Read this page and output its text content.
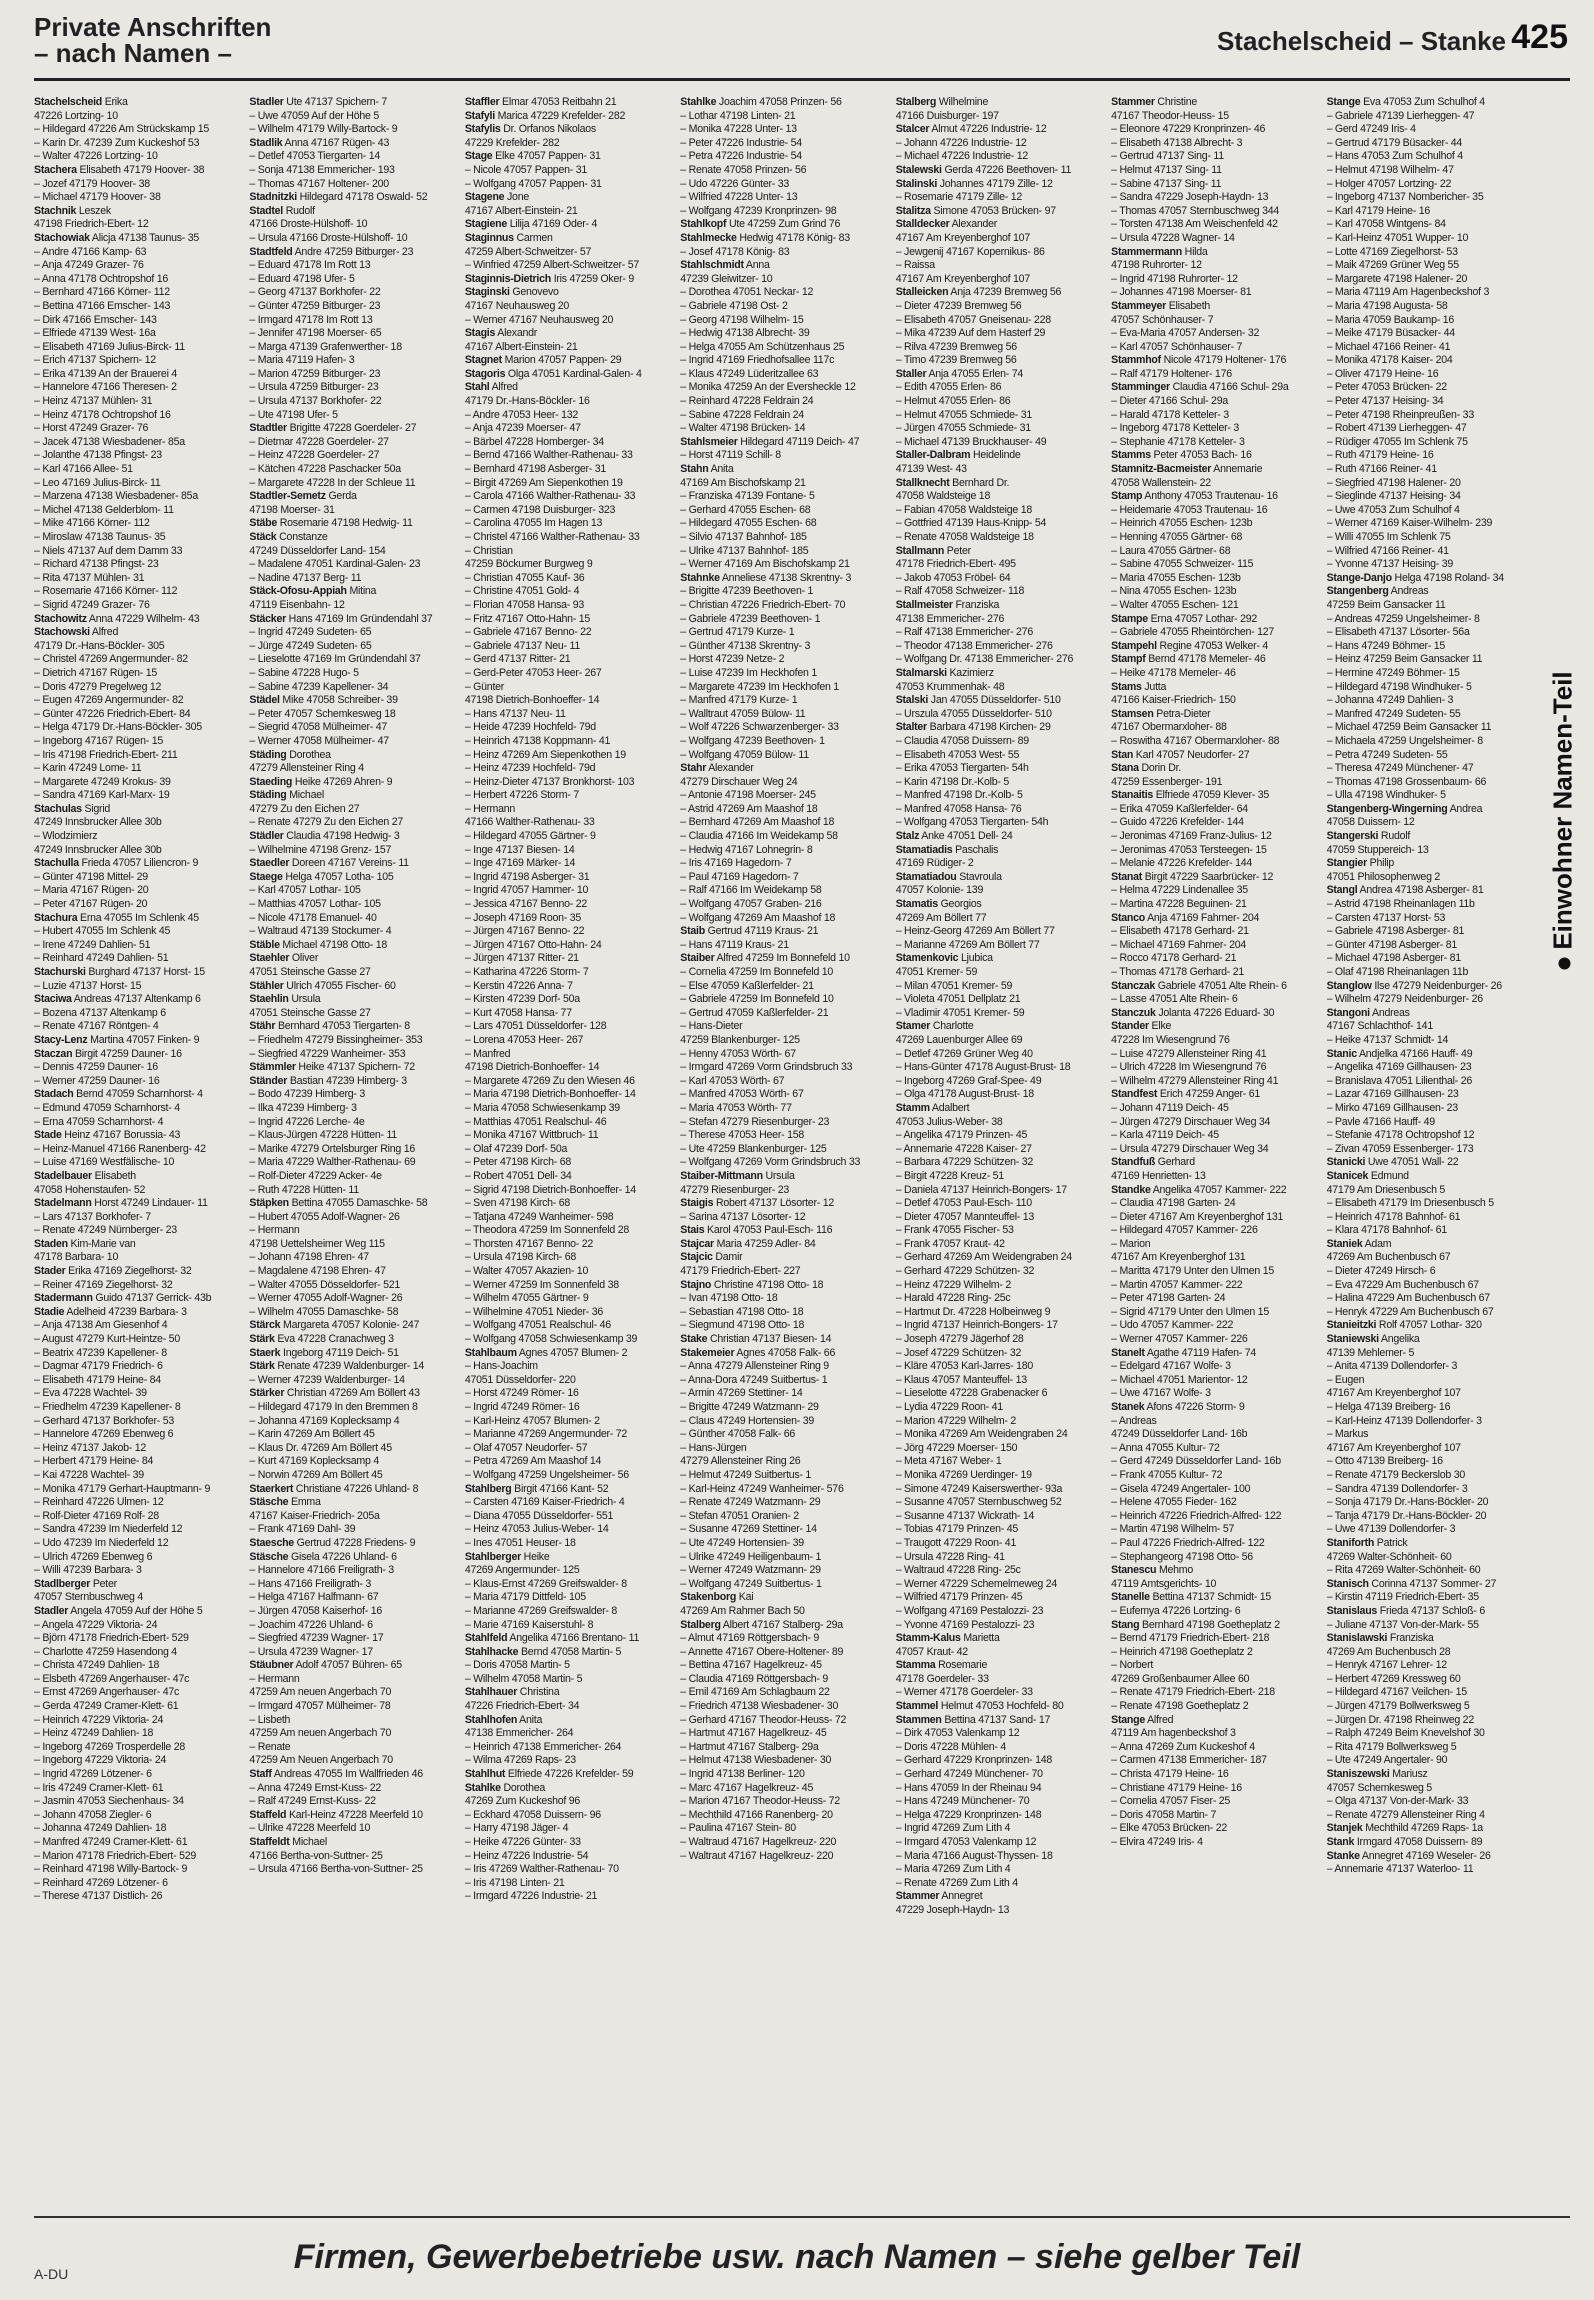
Private Anschriften
– nach Namen –	Stachelscheid – Stanke 425
Stachelscheid Erika
47226 Lortzing- 10
– Hildegard 47226 Am Strückskamp 15
– Karin Dr. 47239 Zum Kuckeshof 53
– Walter 47226 Lortzing- 10
Stachera Elisabeth 47179 Hoover- 38
– Jozef 47179 Hoover- 38
– Michael 47179 Hoover- 38
Stachnik Leszek
47198 Friedrich-Ebert- 12
Stachowiak Alicja 47138 Taunus- 35
– Andre 47166 Kamp- 63
– Anja 47249 Grazer- 76
– Anna 47178 Ochtropshof 16
– Bernhard 47166 Körner- 112
– Bettina 47166 Emscher- 143
– Dirk 47166 Emscher- 143
– Elfriede 47139 West- 16a
– Elisabeth 47169 Julius-Birck- 11
– Erich 47137 Spichern- 12
– Erika 47139 An der Brauerei 4
– Hannelore 47166 Theresen- 2
– Heinz 47137 Mühlen- 31
– Heinz 47178 Ochtropshof 16
– Horst 47249 Grazer- 76
– Jacek 47138 Wiesbadener- 85a
– Jolanthe 47138 Pfingst- 23
– Karl 47166 Allee- 51
– Leo 47169 Julius-Birck- 11
– Marzena 47138 Wiesbadener- 85a
– Michel 47138 Gelderblom- 11
– Mike 47166 Körner- 112
– Miroslaw 47138 Taunus- 35
– Niels 47137 Auf dem Damm 33
– Richard 47138 Pfingst- 23
– Rita 47137 Mühlen- 31
– Rosemarie 47166 Körner- 112
– Sigrid 47249 Grazer- 76
Stachowitz Anna 47229 Wilhelm- 43
Stachowski Alfred
47179 Dr.-Hans-Böckler- 305
– Christel 47269 Angermunder- 82
– Dietrich 47167 Rügen- 15
– Doris 47279 Pregelweg 12
– Eugen 47269 Angermunder- 82
– Günter 47226 Friedrich-Ebert- 84
– Helga 47179 Dr.-Hans-Böckler- 305
– Ingeborg 47167 Rügen- 15
– Iris 47198 Friedrich-Ebert- 211
– Karin 47249 Lome- 11
– Margarete 47249 Krokus- 39
– Sandra 47169 Karl-Marx- 19
Stachulas Sigrid
47249 Innsbrucker Allee 30b
– Wlodzimierz
47249 Innsbrucker Allee 30b
Stachulla Frieda 47057 Liliencron- 9
– Günter 47198 Mittel- 29
– Maria 47167 Rügen- 20
– Peter 47167 Rügen- 20
Stachura Erna 47055 Im Schlenk 45
– Hubert 47055 Im Schlenk 45
– Irene 47249 Dahlien- 51
– Reinhard 47249 Dahlien- 51
Stachurski Burghard 47137 Horst- 15
– Luzie 47137 Horst- 15
Staciwa Andreas 47137 Altenkamp 6
– Bozena 47137 Altenkamp 6
– Renate 47167 Röntgen- 4
Stacy-Lenz Martina 47057 Finken- 9
Staczan Birgit 47259 Dauner- 16
– Dennis 47259 Dauner- 16
– Werner 47259 Dauner- 16
Stadach Bernd 47059 Scharnhorst- 4
– Edmund 47059 Scharnhorst- 4
– Erna 47059 Scharnhorst- 4
Stade Heinz 47167 Borussia- 43
– Heinz-Manuel 47166 Ranenberg- 42
– Luise 47169 Westfälische- 10
Stadelbauer Elisabeth
47058 Hohenstaufen- 52
Stadelmann Horst 47249 Lindauer- 11
– Lars 47137 Borkhofer- 7
– Renate 47249 Nürnberger- 23
Staden Kim-Marie van
47178 Barbara- 10
Stader Erika 47169 Ziegelhorst- 32
– Reiner 47169 Ziegelhorst- 32
Stadermann Guido 47137 Gerrick- 43b
Stadie Adelheid 47239 Barbara- 3
– Anja 47138 Am Giesenhof 4
– August 47279 Kurt-Heintze- 50
– Beatrix 47239 Kapellener- 8
– Dagmar 47179 Friedrich- 6
– Elisabeth 47179 Heine- 84
– Eva 47228 Wachtel- 39
– Friedhelm 47239 Kapellener- 8
– Gerhard 47137 Borkhofer- 53
– Hannelore 47269 Ebenweg 6
– Heinz 47137 Jakob- 12
– Herbert 47179 Heine- 84
– Kai 47228 Wachtel- 39
– Monika 47179 Gerhart-Hauptmann- 9
– Reinhard 47226 Ulmen- 12
– Rolf-Dieter 47169 Rolf- 28
– Sandra 47239 Im Niederfeld 12
– Udo 47239 Im Niederfeld 12
– Ulrich 47269 Ebenweg 6
– Willi 47239 Barbara- 3
Stadlberger Peter
47057 Sternbuschweg 4
Stadler Angela 47059 Auf der Höhe 5
– Angela 47229 Viktoria- 24
– Björn 47178 Friedrich-Ebert- 529
– Charlotte 47259 Hasendong 4
– Christa 47249 Dahlien- 18
– Elsbeth 47269 Angerhauser- 47c
– Ernst 47269 Angerhauser- 47c
– Gerda 47249 Cramer-Klett- 61
– Heinrich 47229 Viktoria- 24
– Heinz 47249 Dahlien- 18
– Ingeborg 47269 Trosperdelle 28
– Ingeborg 47229 Viktoria- 24
– Ingrid 47269 Lötzener- 6
– Iris 47249 Cramer-Klett- 61
– Jasmin 47053 Siechenhaus- 34
– Johann 47058 Ziegler- 6
– Johanna 47249 Dahlien- 18
– Manfred 47249 Cramer-Klett- 61
– Marion 47178 Friedrich-Ebert- 529
– Reinhard 47198 Willy-Bartock- 9
– Reinhard 47269 Lötzener- 6
– Therese 47137 Distlich- 26
Stadler Ute 47137 Spichern- 7
– Uwe 47059 Auf der Höhe 5
– Wilhelm 47179 Willy-Bartock- 9
Stadlik Anna 47167 Rügen- 43
– Detlef 47053 Tiergarten- 14
– Sonja 47138 Emmericher- 193
– Thomas 47167 Holtener- 200
Stadnitzki Hildegard 47178 Oswald- 52
Stadtel Rudolf
47166 Droste-Hülshoff- 10
– Ursula 47166 Droste-Hülshoff- 10
Stadtfeld Andre 47259 Bitburger- 23
– Eduard 47178 Im Rott 13
– Eduard 47198 Ufer- 5
– Georg 47137 Borkhofer- 22
– Günter 47259 Bitburger- 23
– Irmgard 47178 Im Rott 13
– Jennifer 47198 Moerser- 65
– Marga 47139 Grafenwerther- 18
– Maria 47119 Hafen- 3
– Marion 47259 Bitburger- 23
– Ursula 47259 Bitburger- 23
– Ursula 47137 Borkhofer- 22
– Ute 47198 Ufer- 5
Stadtler Brigitte 47228 Goerdeler- 27
– Dietmar 47228 Goerdeler- 27
– Heinz 47228 Goerdeler- 27
– Kätchen 47228 Paschacker 50a
– Margarete 47228 In der Schleue 11
Stadtler-Semetz Gerda
47198 Moerser- 31
Stäbe Rosemarie 47198 Hedwig- 11
Stäck Constanze
47249 Düsseldorfer Land- 154
– Madalene 47051 Kardinal-Galen- 23
– Nadine 47137 Berg- 11
Stäck-Ofosu-Appiah Mitina
47119 Eisenbahn- 12
Stäcker Hans 47169 Im Gründendahl 37
– Ingrid 47249 Sudeten- 65
– Jürge 47249 Sudeten- 65
– Lieselotte 47169 Im Gründendahl 37
– Sabine 47228 Hugo- 5
– Sabine 47239 Kapellener- 34
Städel Mike 47058 Schreiber- 39
– Peter 47057 Schemkesweg 18
– Siegrid 47058 Mülheimer- 47
– Werner 47058 Mülheimer- 47
Städing Dorothea
47279 Allensteiner Ring 4
Staeding Heike 47269 Ahren- 9
Städing Michael
47279 Zu den Eichen 27
– Renate 47279 Zu den Eichen 27
Städler Claudia 47198 Hedwig- 3
– Wilhelmine 47198 Grenz- 157
Staedler Doreen 47167 Vereins- 11
Staege Helga 47057 Lotha- 105
– Karl 47057 Lothar- 105
– Matthias 47057 Lothar- 105
– Nicole 47178 Emanuel- 40
– Waltraud 47139 Stockumer- 4
Stäble Michael 47198 Otto- 18
Staehler Oliver
47051 Steinsche Gasse 27
Stähler Ulrich 47055 Fischer- 60
Staehlin Ursula
47051 Steinsche Gasse 27
Stähr Bernhard 47053 Tiergarten- 8
– Friedhelm 47279 Bissingheimer- 353
– Siegfried 47229 Wanheimer- 353
Stämmler Heike 47137 Spichern- 72
Ständer Bastian 47239 Himberg- 3
– Bodo 47239 Himberg- 3
– Ilka 47239 Himberg- 3
– Ingrid 47226 Lerche- 4e
– Klaus-Jürgen 47228 Hütten- 11
– Marike 47279 Ortelsburger Ring 16
– Maria 47229 Walther-Rathenau- 69
– Rolf-Dieter 47229 Acker- 4e
– Ruth 47228 Hütten- 11
Stäpken Bettina 47055 Damaschke- 58
– Hubert 47055 Adolf-Wagner- 26
– Hermann
47198 Uettelsheimer Weg 115
– Johann 47198 Ehren- 47
– Magdalene 47198 Ehren- 47
– Walter 47055 Dösseldorfer- 521
– Werner 47055 Adolf-Wagner- 26
– Wilhelm 47055 Damaschke- 58
Stärck Margareta 47057 Kolonie- 247
Stärk Eva 47228 Cranachweg 3
Staerk Ingeborg 47119 Deich- 51
Stärk Renate 47239 Waldenburger- 14
– Werner 47239 Waldenburger- 14
Stärker Christian 47269 Am Böllert 43
– Hildegard 47179 In den Bremmen 8
– Johanna 47169 Koplecksamp 4
– Karin 47269 Am Böllert 45
– Klaus Dr. 47269 Am Böllert 45
– Kurt 47169 Koplecksamp 4
– Norwin 47269 Am Böllert 45
Staerkert Christiane 47226 Uhland- 8
Stäsche Emma
47167 Kaiser-Friedrich- 205a
– Frank 47169 Dahl- 39
Staesche Gertrud 47228 Friedens- 9
Stäsche Gisela 47226 Uhland- 6
– Hannelore 47166 Freiligrath- 3
– Hans 47166 Freiligrath- 3
– Helga 47167 Halfmann- 67
– Jürgen 47058 Kaiserhof- 16
– Joachim 47226 Uhland- 6
– Siegfried 47239 Wagner- 17
– Ursula 47239 Wagner- 17
Stäubner Adolf 47057 Bühren- 65
– Hermann
47259 Am neuen Angerbach 70
– Irmgard 47057 Mülheimer- 78
– Lisbeth
47259 Am neuen Angerbach 70
– Renate
47259 Am Neuen Angerbach 70
Staff Andreas 47055 Im Wallfrieden 46
– Anna 47249 Ernst-Kuss- 22
– Ralf 47249 Ernst-Kuss- 22
Staffeld Karl-Heinz 47228 Meerfeld 10
– Ulrike 47228 Meerfeld 10
Staffeldt Michael
47166 Bertha-von-Suttner- 25
– Ursula 47166 Bertha-von-Suttner- 25
Staffler Elmar 47053 Reitbahn 21
Stafyli Marica 47229 Krefelder- 282
Stafylis Dr. Orfanos Nikolaos
47229 Krefelder- 282
Stage Elke 47057 Pappen- 31
– Nicole 47057 Pappen- 31
– Wolfgang 47057 Pappen- 31
Stagene Jone
47167 Albert-Einstein- 21
Stagiene Lilija 47169 Oder- 4
Staginnus Carmen
47259 Albert-Schweitzer- 57
– Winfried 47259 Albert-Schweitzer- 57
Staginnis-Dietrich Iris 47259 Oker- 9
Staginski Genovevo
47167 Neuhausweg 20
– Werner 47167 Neuhausweg 20
Stagis Alexandr
47167 Albert-Einstein- 21
Stagnet Marion 47057 Pappen- 29
Stagoris Olga 47051 Kardinal-Galen- 4
Stahl Alfred
47179 Dr.-Hans-Böckler- 16
– Andre 47053 Heer- 132
– Anja 47239 Moerser- 47
– Bärbel 47228 Homberger- 34
– Bernd 47166 Walther-Rathenau- 33
– Bernhard 47198 Asberger- 31
– Birgit 47269 Am Siepenkothen 19
– Carola 47166 Walther-Rathenau- 33
– Carmen 47198 Duisburger- 323
– Carolina 47055 Im Hagen 13
– Christel 47166 Walther-Rathenau- 33
– Christian
47259 Böckumer Burgweg 9
– Christian 47055 Kauf- 36
– Christine 47051 Gold- 4
– Florian 47058 Hansa- 93
– Fritz 47167 Otto-Hahn- 15
– Gabriele 47167 Benno- 22
– Gabriele 47137 Neu- 11
– Gerd 47137 Ritter- 21
– Gerd-Peter 47053 Heer- 267
– Günter
47198 Dietrich-Bonhoeffer- 14
– Hans 47137 Neu- 11
– Heide 47239 Hochfeld- 79d
– Heinrich 47138 Koppmann- 41
– Heinz 47269 Am Siepenkothen 19
– Heinz 47239 Hochfeld- 79d
– Heinz-Dieter 47137 Bronkhorst- 103
– Herbert 47226 Storm- 7
– Hermann
47166 Walther-Rathenau- 33
– Hildegard 47055 Gärtner- 9
– Inge 47137 Biesen- 14
– Inge 47169 Märker- 14
– Ingrid 47198 Asberger- 31
– Ingrid 47057 Hammer- 10
– Jessica 47167 Benno- 22
– Joseph 47169 Roon- 35
– Jürgen 47167 Benno- 22
– Jürgen 47167 Otto-Hahn- 24
– Jürgen 47137 Ritter- 21
– Katharina 47226 Storm- 7
– Kerstin 47226 Anna- 7
– Kirsten 47239 Dorf- 50a
– Kurt 47058 Hansa- 77
– Lars 47051 Düsseldorfer- 128
– Lorena 47053 Heer- 267
– Manfred
47198 Dietrich-Bonhoeffer- 14
– Margarete 47269 Zu den Wiesen 46
– Maria 47198 Dietrich-Bonhoeffer- 14
– Maria 47058 Schwiesenkamp 39
– Matthias 47051 Realschul- 46
– Monika 47167 Wittbruch- 11
– Olaf 47239 Dorf- 50a
– Peter 47198 Kirch- 68
– Robert 47051 Dell- 34
– Sigrid 47198 Dietrich-Bonhoeffer- 14
– Sven 47198 Kirch- 68
– Tatjana 47249 Wanheimer- 598
– Theodora 47259 Im Sonnenfeld 28
– Thorsten 47167 Benno- 22
– Ursula 47198 Kirch- 68
– Walter 47057 Akazien- 10
– Werner 47259 Im Sonnenfeld 38
– Wilhelm 47055 Gärtner- 9
– Wilhelmine 47051 Nieder- 36
– Wolfgang 47051 Realschul- 46
– Wolfgang 47058 Schwiesenkamp 39
Stahlbaum Agnes 47057 Blumen- 2
– Hans-Joachim
47051 Düsseldorfer- 220
– Horst 47249 Römer- 16
– Ingrid 47249 Römer- 16
– Karl-Heinz 47057 Blumen- 2
– Marianne 47269 Angermunder- 72
– Olaf 47057 Neudorfer- 57
– Petra 47269 Am Maashof 14
– Wolfgang 47259 Ungelsheimer- 56
Stahlberg Birgit 47166 Kant- 52
– Carsten 47169 Kaiser-Friedrich- 4
– Diana 47055 Düsseldorfer- 551
– Heinz 47053 Julius-Weber- 14
– Ines 47051 Heuser- 18
Stahlberger Heike
47269 Angermunder- 125
– Klaus-Ernst 47269 Greifswalder- 8
– Maria 47179 Dittfeld- 105
– Marianne 47269 Greifswalder- 8
– Marie 47169 Kaiserstuhl- 8
Stahlfeld Angelika 47166 Brentano- 11
Stahlhacke Bernd 47058 Martin- 5
– Doris 47058 Martin- 5
– Wilhelm 47058 Martin- 5
Stahlhauer Christina
47226 Friedrich-Ebert- 34
Stahlhofen Anita
47138 Emmericher- 264
– Heinrich 47138 Emmericher- 264
– Wilma 47269 Raps- 23
Stahlhut Elfriede 47226 Krefelder- 59
Stahlke Dorothea
47269 Zum Kuckeshof 96
– Eckhard 47058 Duissern- 96
– Harry 47198 Jäger- 4
– Heike 47226 Günter- 33
– Heinz 47226 Industrie- 54
– Iris 47269 Walther-Rathenau- 70
– Iris 47198 Linten- 21
– Irmgard 47226 Industrie- 21
Stahlke Joachim 47058 Prinzen- 56
– Lothar 47198 Linten- 21
– Monika 47228 Unter- 13
– Peter 47226 Industrie- 54
– Petra 47226 Industrie- 54
– Renate 47058 Prinzen- 56
– Udo 47226 Günter- 33
– Wilfried 47228 Unter- 13
– Wolfgang 47239 Kronprinzen- 98
Stahlkopf Ute 47259 Zum Grind 76
Stahlmecke Hedwig 47178 König- 83
– Josef 47178 König- 83
Stahlschmidt Anna
47239 Gleiwitzer- 10
– Dorothea 47051 Neckar- 12
– Gabriele 47198 Ost- 2
– Georg 47198 Wilhelm- 15
– Hedwig 47138 Albrecht- 39
– Helga 47055 Am Schützenhaus 25
– Ingrid 47169 Friedhofsallee 117c
– Klaus 47249 Lüderitzallee 63
– Monika 47259 An der Eversheckle 12
– Reinhard 47228 Feldrain 24
– Sabine 47228 Feldrain 24
– Walter 47198 Brücken- 14
Stahlsmeier Hildegard 47119 Deich- 47
– Horst 47119 Schill- 8
Stahn Anita
47169 Am Bischofskamp 21
– Franziska 47139 Fontane- 5
– Gerhard 47055 Eschen- 68
– Hildegard 47055 Eschen- 68
– Silvio 47137 Bahnhof- 185
– Ulrike 47137 Bahnhof- 185
– Werner 47169 Am Bischofskamp 21
Stahnke Anneliese 47138 Skrentny- 3
– Brigitte 47239 Beethoven- 1
– Christian 47226 Friedrich-Ebert- 70
– Gabriele 47239 Beethoven- 1
– Gertrud 47179 Kurze- 1
– Günther 47138 Skrentny- 3
– Horst 47239 Netze- 2
– Luise 47239 Im Heckhofen 1
– Margarete 47239 Im Heckhofen 1
– Manfred 47179 Kurze- 1
– Walltraut 47059 Bülow- 11
– Wolf 47226 Schwarzenberger- 33
– Wolfgang 47239 Beethoven- 1
– Wolfgang 47059 Bülow- 11
Stahr Alexander
47279 Dirschauer Weg 24
– Antonie 47198 Moerser- 245
– Astrid 47269 Am Maashof 18
– Bernhard 47269 Am Maashof 18
– Claudia 47166 Im Weidekamp 58
– Hedwig 47167 Lohnegrin- 8
– Iris 47169 Hagedorn- 7
– Paul 47169 Hagedorn- 7
– Ralf 47166 Im Weidekamp 58
– Wolfgang 47057 Graben- 216
– Wolfgang 47269 Am Maashof 18
Staib Gertrud 47119 Kraus- 21
– Hans 47119 Kraus- 21
Staiber Alfred 47259 Im Bonnefeld 10
– Cornelia 47259 Im Bonnefeld 10
– Else 47059 Kaßlerfelder- 21
– Gabriele 47259 Im Bonnefeld 10
– Gertrud 47059 Kaßlerfelder- 21
– Hans-Dieter
47259 Blankenburger- 125
– Henny 47053 Wörth- 67
– Irmgard 47269 Vorm Grindsbruch 33
– Karl 47053 Wörth- 67
– Manfred 47053 Wörth- 67
– Maria 47053 Wörth- 77
– Stefan 47279 Riesenburger- 23
– Therese 47053 Heer- 158
– Ute 47259 Blankenburger- 125
– Wolfgang 47269 Vorm Grindsbruch 33
Staiber-Mittmann Ursula
47279 Riesenburger- 23
Staigis Robert 47137 Lösorter- 12
– Sarina 47137 Lösorter- 12
Stais Karol 47053 Paul-Esch- 116
Stajcar Maria 47259 Adler- 84
Stajcic Damir
47179 Friedrich-Ebert- 227
Stajno Christine 47198 Otto- 18
– Ivan 47198 Otto- 18
– Sebastian 47198 Otto- 18
– Siegmund 47198 Otto- 18
Stake Christian 47137 Biesen- 14
Stakemeier Agnes 47058 Falk- 66
– Anna 47279 Allensteiner Ring 9
– Anna-Dora 47249 Suitbertus- 1
– Armin 47269 Stettiner- 14
– Brigitte 47249 Watzmann- 29
– Claus 47249 Hortensien- 39
– Günther 47058 Falk- 66
– Hans-Jürgen
47279 Allensteiner Ring 26
– Helmut 47249 Suitbertus- 1
– Karl-Heinz 47249 Wanheimer- 576
– Renate 47249 Watzmann- 29
– Stefan 47051 Oranien- 2
– Susanne 47269 Stettiner- 14
– Ute 47249 Hortensien- 39
– Ulrike 47249 Heiligenbaum- 1
– Werner 47249 Watzmann- 29
– Wolfgang 47249 Suitbertus- 1
Stakenborg Kai
47269 Am Rahmer Bach 50
Stalberg Albert 47167 Stalberg- 29a
– Almut 47169 Röttgersbach- 9
– Annette 47167 Obere-Holtener- 89
– Bettina 47167 Hagelkreuz- 45
– Claudia 47169 Röttgersbach- 9
– Emil 47169 Am Schlagbaum 22
– Friedrich 47138 Wiesbadener- 30
– Gerhard 47167 Theodor-Heuss- 72
– Hartmut 47167 Hagelkreuz- 45
– Hartmut 47167 Stalberg- 29a
– Helmut 47138 Wiesbadener- 30
– Ingrid 47138 Berliner- 120
– Marc 47167 Hagelkreuz- 45
– Marion 47167 Theodor-Heuss- 72
– Mechthild 47166 Ranenberg- 20
– Paulina 47167 Stein- 80
– Waltraud 47167 Hagelkreuz- 220
– Waltraut 47167 Hagelkreuz- 220
Stalberg Wilhelmine
47166 Duisburger- 197
Stalcer Almut 47226 Industrie- 12
– Johann 47226 Industrie- 12
– Michael 47226 Industrie- 12
Stalewski Gerda 47226 Beethoven- 11
Stalinski Johannes 47179 Zille- 12
– Rosemarie 47179 Zille- 12
Stalitza Simone 47053 Brücken- 97
Stalldecker Alexander
47167 Am Kreyenberghof 107
– Jewgenij 47167 Kopernikus- 86
– Raissa
47167 Am Kreyenberghof 107
Stalleicken Anja 47239 Bremweg 56
– Dieter 47239 Bremweg 56
– Elisabeth 47057 Gneisenau- 228
– Mika 47239 Auf dem Hasterf 29
– Rilva 47239 Bremweg 56
– Timo 47239 Bremweg 56
Staller Anja 47055 Erlen- 74
– Edith 47055 Erlen- 86
– Helmut 47055 Erlen- 86
– Helmut 47055 Schmiede- 31
– Jürgen 47055 Schmiede- 31
– Michael 47139 Bruckhauser- 49
Staller-Dalbram Heidelinde
47139 West- 43
Stallknecht Bernhard Dr.
47058 Waldsteige 18
– Fabian 47058 Waldsteige 18
– Gottfried 47139 Haus-Knipp- 54
– Renate 47058 Waldsteige 18
Stallmann Peter
47178 Friedrich-Ebert- 495
– Jakob 47053 Fröbel- 64
– Ralf 47058 Schweizer- 118
Stallmeister Franziska
47138 Emmericher- 276
– Ralf 47138 Emmericher- 276
– Theodor 47138 Emmericher- 276
– Wolfgang Dr. 47138 Emmericher- 276
Stalmarski Kazimierz
47053 Krummenhak- 48
Stalski Jan 47055 Düsseldorfer- 510
– Urszula 47055 Düsseldorfer- 510
Stalter Barbara 47198 Kirchen- 29
– Claudia 47058 Duissern- 89
– Elisabeth 47053 West- 55
– Erika 47053 Tiergarten- 54h
– Karin 47198 Dr.-Kolb- 5
– Manfred 47198 Dr.-Kolb- 5
– Manfred 47058 Hansa- 76
– Wolfgang 47053 Tiergarten- 54h
Stalz Anke 47051 Dell- 24
Stamatiadis Paschalis
47169 Rüdiger- 2
Stamatiadou Stavroula
47057 Kolonie- 139
Stamatis Georgios
47269 Am Böllert 77
– Heinz-Georg 47269 Am Böllert 77
– Marianne 47269 Am Böllert 77
Stamenkovic Ljubica
47051 Kremer- 59
– Milan 47051 Kremer- 59
– Violeta 47051 Dellplatz 21
– Vladimir 47051 Kremer- 59
Stamer Charlotte
47269 Lauenburger Allee 69
– Detlef 47269 Grüner Weg 40
– Hans-Günter 47178 August-Brust- 18
– Ingeborg 47269 Graf-Spee- 49
– Olga 47178 August-Brust- 18
Stamm Adalbert
47053 Julius-Weber- 38
– Angelika 47179 Prinzen- 45
– Annemarie 47228 Kaiser- 27
– Barbara 47229 Schützen- 32
– Birgit 47228 Kreuz- 51
– Daniela 47137 Heinrich-Bongers- 17
– Detlef 47053 Paul-Esch- 110
– Dieter 47057 Mannteuffel- 13
– Frank 47055 Fischer- 53
– Frank 47057 Kraut- 42
– Gerhard 47269 Am Weidengraben 24
– Gerhard 47229 Schützen- 32
– Heinz 47229 Wilhelm- 2
– Harald 47228 Ring- 25c
– Hartmut Dr. 47228 Holbeinweg 9
– Ingrid 47137 Heinrich-Bongers- 17
– Joseph 47279 Jägerhof 28
– Josef 47229 Schützen- 32
– Kläre 47053 Karl-Jarres- 180
– Klaus 47057 Manteuffel- 13
– Lieselotte 47228 Grabenacker 6
– Lydia 47229 Roon- 41
– Marion 47229 Wilhelm- 2
– Monika 47269 Am Weidengraben 24
– Jörg 47229 Moerser- 150
– Meta 47167 Weber- 1
– Monika 47269 Uerdinger- 19
– Simone 47249 Kaiserswerther- 93a
– Susanne 47057 Sternbuschweg 52
– Susanne 47137 Wickrath- 14
– Tobias 47179 Prinzen- 45
– Traugott 47229 Roon- 41
– Ursula 47228 Ring- 41
– Waltraud 47228 Ring- 25c
– Werner 47229 Schemelmeweg 24
– Wilfried 47179 Prinzen- 45
– Wolfgang 47169 Pestalozzi- 23
– Yvonne 47169 Pestalozzi- 23
Stamm-Kalus Marietta
47057 Kraut- 42
Stamma Rosemarie
47178 Goerdeler- 33
– Werner 47178 Goerdeler- 33
Stammel Helmut 47053 Hochfeld- 80
Stammen Bettina 47137 Sand- 17
– Dirk 47053 Valenkamp 12
– Doris 47228 Mühlen- 4
– Gerhard 47229 Kronprinzen- 148
– Gerhard 47249 Münchener- 70
– Hans 47059 In der Rheinau 94
– Hans 47249 Münchener- 70
– Helga 47229 Kronprinzen- 148
– Ingrid 47269 Zum Lith 4
– Irmgard 47053 Valenkamp 12
– Maria 47166 August-Thyssen- 18
– Maria 47269 Zum Lith 4
– Renate 47269 Zum Lith 4
Stammer Annegret
47229 Joseph-Haydn- 13
Stammer Christine
47167 Theodor-Heuss- 15
– Eleonore 47229 Kronprinzen- 46
– Elisabeth 47138 Albrecht- 3
– Gertrud 47137 Sing- 11
– Helmut 47137 Sing- 11
– Sabine 47137 Sing- 11
– Sandra 47229 Joseph-Haydn- 13
– Thomas 47057 Sternbuschweg 344
– Torsten 47138 Am Weischenfeld 42
– Ursula 47228 Wagner- 14
Stammermann Hilda
47198 Ruhrorter- 12
– Ingrid 47198 Ruhrorter- 12
– Johannes 47198 Moerser- 81
Stammeyer Elisabeth
47057 Schönhauser- 7
– Eva-Maria 47057 Andersen- 32
– Karl 47057 Schönhauser- 7
Stammhof Nicole 47179 Holtener- 176
– Ralf 47179 Holtener- 176
Stamminger Claudia 47166 Schul- 29a
– Dieter 47166 Schul- 29a
– Harald 47178 Ketteler- 3
– Ingeborg 47178 Ketteler- 3
– Stephanie 47178 Ketteler- 3
Stamms Peter 47053 Bach- 16
Stamnitz-Bacmeister Annemarie
47058 Wallenstein- 22
Stamp Anthony 47053 Trautenau- 16
– Heidemarie 47053 Trautenau- 16
– Heinrich 47055 Eschen- 123b
– Henning 47055 Gärtner- 68
– Laura 47055 Gärtner- 68
– Sabine 47055 Schweizer- 115
– Maria 47055 Eschen- 123b
– Nina 47055 Eschen- 123b
– Walter 47055 Eschen- 121
Stampe Erna 47057 Lothar- 292
– Gabriele 47055 Rheintörchen- 127
Stampehl Regine 47053 Welker- 4
Stampf Bernd 47178 Memeler- 46
– Heike 47178 Memeler- 46
Stams Jutta
47166 Kaiser-Friedrich- 150
Stamsen Petra-Dieter
47167 Obermarxloher- 88
– Roswitha 47167 Obermarxloher- 88
Stan Karl 47057 Neudorfer- 27
Stana Dorin Dr.
47259 Essenberger- 191
Stanaitis Elfriede 47059 Klever- 35
– Erika 47059 Kaßlerfelder- 64
– Guido 47226 Krefelder- 144
– Jeronimas 47169 Franz-Julius- 12
– Jeronimas 47053 Tersteegen- 15
– Melanie 47226 Krefelder- 144
Stanat Birgit 47229 Saarbrücker- 12
– Helma 47229 Lindenallee 35
– Martina 47228 Beguinen- 21
Stanco Anja 47169 Fahrner- 204
– Elisabeth 47178 Gerhard- 21
– Michael 47169 Fahrner- 204
– Rocco 47178 Gerhard- 21
– Thomas 47178 Gerhard- 21
Stanczak Gabriele 47051 Alte Rhein- 6
– Lasse 47051 Alte Rhein- 6
Stanczuk Jolanta 47226 Eduard- 30
Stander Elke
47228 Im Wiesengrund 76
– Luise 47279 Allensteiner Ring 41
– Ulrich 47228 Im Wiesengrund 76
– Wilhelm 47279 Allensteiner Ring 41
Standfest Erich 47259 Anger- 61
– Johann 47119 Deich- 45
– Jürgen 47279 Dirschauer Weg 34
– Karla 47119 Deich- 45
– Ursula 47279 Dirschauer Weg 34
Standfuß Gerhard
47169 Henrietten- 13
Standke Angelika 47057 Kammer- 222
– Claudia 47198 Garten- 24
– Dieter 47167 Am Kreyenberghof 131
– Hildegard 47057 Kammer- 226
– Marion
47167 Am Kreyenberghof 131
– Maritta 47179 Unter den Ulmen 15
– Martin 47057 Kammer- 222
– Peter 47198 Garten- 24
– Sigrid 47179 Unter den Ulmen 15
– Udo 47057 Kammer- 222
– Werner 47057 Kammer- 226
Stanelt Agathe 47119 Hafen- 74
– Edelgard 47167 Wolfe- 3
– Michael 47051 Marientor- 12
– Uwe 47167 Wolfe- 3
Stanek Afons 47226 Storm- 9
– Andreas
47249 Düsseldorfer Land- 16b
– Anna 47055 Kultur- 72
– Gerd 47249 Düsseldorfer Land- 16b
– Frank 47055 Kultur- 72
– Gisela 47249 Angertaler- 100
– Helene 47055 Fieder- 162
– Heinrich 47226 Friedrich-Alfred- 122
– Martin 47198 Wilhelm- 57
– Paul 47226 Friedrich-Alfred- 122
– Stephangeorg 47198 Otto- 56
Stanescu Mehmo
47119 Amtsgerichts- 10
Stanelle Bettina 47137 Schmidt- 15
– Eufemya 47226 Lortzing- 6
Stang Bernhard 47198 Goetheplatz 2
– Bernd 47179 Friedrich-Ebert- 218
– Heinrich 47198 Goetheplatz 2
– Norbert
47269 Großenbaumer Allee 60
– Renate 47179 Friedrich-Ebert- 218
– Renate 47198 Goetheplatz 2
Stange Alfred
47119 Am hagenbeckshof 3
– Anna 47269 Zum Kuckeshof 4
– Carmen 47138 Emmericher- 187
– Christa 47179 Heine- 16
– Christiane 47179 Heine- 16
– Cornelia 47057 Fiser- 25
– Doris 47058 Martin- 7
– Elke 47053 Brücken- 22
– Elvira 47249 Iris- 4
Stange Eva 47053 Zum Schulhof 4
– Gabriele 47139 Lierheggen- 47
– Gerd 47249 Iris- 4
– Gertrud 47179 Büsacker- 44
– Hans 47053 Zum Schulhof 4
– Helmut 47198 Wilhelm- 47
– Holger 47057 Lortzing- 22
– Ingeborg 47137 Nombericher- 35
– Karl 47179 Heine- 16
– Karl 47058 Wintgens- 84
– Karl-Heinz 47051 Wupper- 10
– Lotte 47169 Ziegelhorst- 53
– Maik 47269 Grüner Weg 55
– Margarete 47198 Halener- 20
– Maria 47119 Am Hagenbeckshof 3
– Maria 47198 Augusta- 58
– Maria 47059 Baukamp- 16
– Meike 47179 Büsacker- 44
– Michael 47166 Reiner- 41
– Monika 47178 Kaiser- 204
– Oliver 47179 Heine- 16
– Peter 47053 Brücken- 22
– Peter 47137 Heising- 34
– Peter 47198 Rheinpreußen- 33
– Robert 47139 Lierheggen- 47
– Rüdiger 47055 Im Schlenk 75
– Ruth 47179 Heine- 16
– Ruth 47166 Reiner- 41
– Siegfried 47198 Halener- 20
– Sieglinde 47137 Heising- 34
– Uwe 47053 Zum Schulhof 4
– Werner 47169 Kaiser-Wilhelm- 239
– Willi 47055 Im Schlenk 75
– Wilfried 47166 Reiner- 41
– Yvonne 47137 Heising- 39
Stange-Danjo Helga 47198 Roland- 34
Stangenberg Andreas
47259 Beim Gansacker 11
– Andreas 47259 Ungelsheimer- 8
– Elisabeth 47137 Lösorter- 56a
– Hans 47249 Böhmer- 15
– Heinz 47259 Beim Gansacker 11
– Hermine 47249 Böhmer- 15
– Hildegard 47198 Windhuker- 5
– Johanna 47249 Dahlien- 3
– Manfred 47249 Sudeten- 55
– Michael 47259 Beim Gansacker 11
– Michaela 47259 Ungelsheimer- 8
– Petra 47249 Sudeten- 55
– Theresa 47249 Münchener- 47
– Thomas 47198 Grossenbaum- 66
– Ulla 47198 Windhuker- 5
Stangenberg-Wingerning Andrea
47058 Duissern- 12
Stangerski Rudolf
47059 Stuppereich- 13
Stangier Philip
47051 Philosophenweg 2
Stangl Andrea 47198 Asberger- 81
– Astrid 47198 Rheinanlagen 11b
– Carsten 47137 Horst- 53
– Gabriele 47198 Asberger- 81
– Günter 47198 Asberger- 81
– Michael 47198 Asberger- 81
– Olaf 47198 Rheinanlagen 11b
Stanglow Ilse 47279 Neidenburger- 26
– Wilhelm 47279 Neidenburger- 26
Stangoni Andreas
47167 Schlachthof- 141
– Heike 47137 Schmidt- 14
Stanic Andjelka 47166 Hauff- 49
– Angelika 47169 Gillhausen- 23
– Branislava 47051 Lilienthal- 26
– Lazar 47169 Gillhausen- 23
– Mirko 47169 Gillhausen- 23
– Pavle 47166 Hauff- 49
– Stefanie 47178 Ochtropshof 12
– Zivan 47059 Essenberger- 173
Stanicki Uwe 47051 Wall- 22
Stanicek Edmund
47179 Am Driesenbusch 5
– Elisabeth 47179 Im Driesenbusch 5
– Heinrich 47178 Bahnhof- 61
– Klara 47178 Bahnhof- 61
Staniek Adam
47269 Am Buchenbusch 67
– Dieter 47249 Hirsch- 6
– Eva 47229 Am Buchenbusch 67
– Halina 47229 Am Buchenbusch 67
– Henryk 47229 Am Buchenbusch 67
Stanieitzki Rolf 47057 Lothar- 320
Staniewski Angelika
47139 Mehlemer- 5
– Anita 47139 Dollendorfer- 3
– Eugen
47167 Am Kreyenberghof 107
– Helga 47139 Breiberg- 16
– Karl-Heinz 47139 Dollendorfer- 3
– Markus
47167 Am Kreyenberghof 107
– Otto 47139 Breiberg- 16
– Renate 47179 Beckerslob 30
– Sandra 47139 Dollendorfer- 3
– Sonja 47179 Dr.-Hans-Böckler- 20
– Tanja 47179 Dr.-Hans-Böckler- 20
– Uwe 47139 Dollendorfer- 3
Staniforth Patrick
47269 Walter-Schönheit- 60
– Rita 47269 Walter-Schönheit- 60
Stanisch Corinna 47137 Sommer- 27
– Kirstin 47119 Friedrich-Ebert- 35
Stanislaus Frieda 47137 Schloß- 6
– Juliane 47137 Von-der-Mark- 55
Stanislawski Franziska
47269 Am Buchenbusch 28
– Henryk 47167 Lehrer- 12
– Herbert 47269 Kressweg 60
– Hildegard 47167 Veilchen- 15
– Jürgen 47179 Bollwerksweg 5
– Jürgen Dr. 47198 Rheinweg 22
– Ralph 47249 Beim Knevelshof 30
– Rita 47179 Bollwerksweg 5
– Ute 47249 Angertaler- 90
Staniszewski Mariusz
47057 Schemkesweg 5
– Olga 47137 Von-der-Mark- 33
– Renate 47279 Allensteiner Ring 4
Stanjek Mechthild 47269 Raps- 1a
Stank Irmgard 47058 Duissern- 89
Stanke Annegret 47169 Weseler- 26
– Annemarie 47137 Waterloo- 11
Einwohner Namen-Teil
Firmen, Gewerbebetriebe usw. nach Namen – siehe gelber Teil
A-DU
